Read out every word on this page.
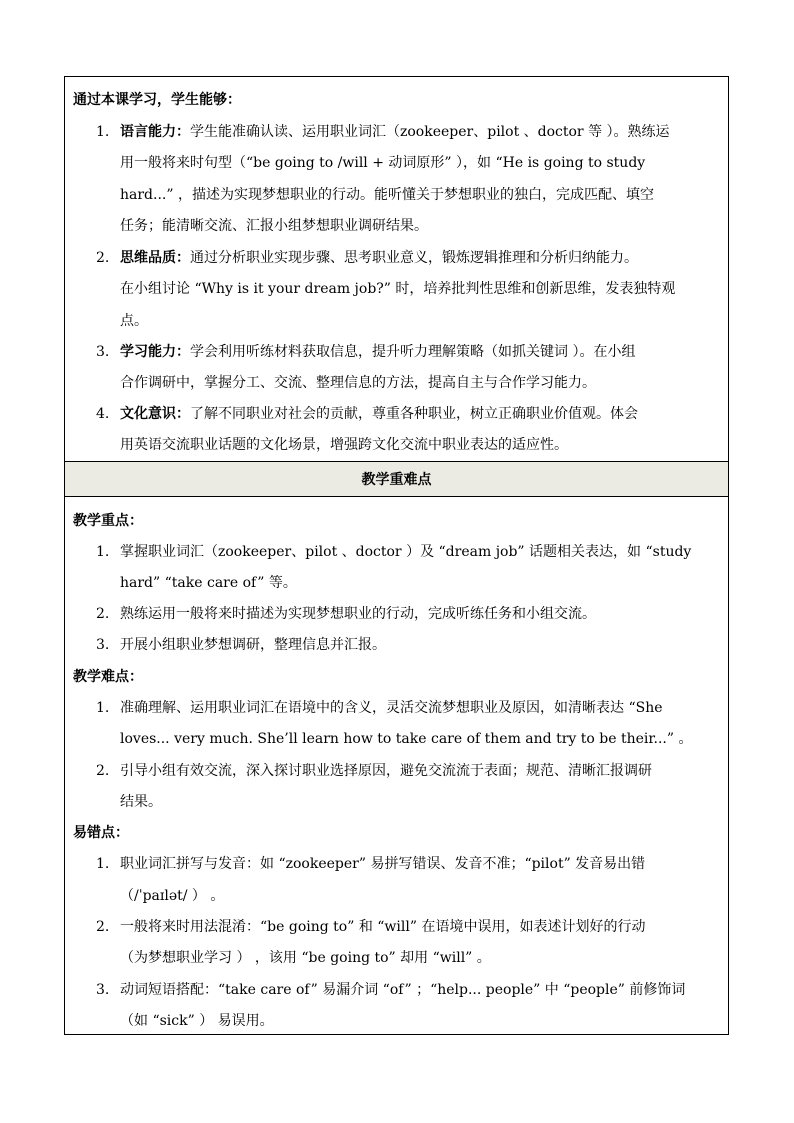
通过本课学习，学生能够：
1. 语言能力：学生能准确认读、运用职业词汇（zookeeper、pilot 、doctor 等 ）。熟练运
用一般将来时句型（“be going to /will + 动词原形” ），如 “He is going to study
hard...” ，描述为实现梦想职业的行动。能听懂关于梦想职业的独白，完成匹配、填空
任务；能清晰交流、汇报小组梦想职业调研结果。
2. 思维品质：通过分析职业实现步骤、思考职业意义，锻炼逻辑推理和分析归纳能力。
在小组讨论 “Why is it your dream job?” 时，培养批判性思维和创新思维，发表独特观
点。
3. 学习能力：学会利用听练材料获取信息，提升听力理解策略（如抓关键词 ）。在小组
合作调研中，掌握分工、交流、整理信息的方法，提高自主与合作学习能力。
4. 文化意识：了解不同职业对社会的贡献，尊重各种职业，树立正确职业价值观。体会
用英语交流职业话题的文化场景，增强跨文化交流中职业表达的适应性。
教学重难点
教学重点：
1. 掌握职业词汇（zookeeper、pilot 、doctor ）及 “dream job” 话题相关表达，如 “study
hard” “take care of” 等。
2. 熟练运用一般将来时描述为实现梦想职业的行动，完成听练任务和小组交流。
3. 开展小组职业梦想调研，整理信息并汇报。
教学难点：
1. 准确理解、运用职业词汇在语境中的含义，灵活交流梦想职业及原因，如清晰表达 “She
loves... very much. She’ll learn how to take care of them and try to be their...” 。
2. 引导小组有效交流，深入探讨职业选择原因，避免交流流于表面；规范、清晰汇报调研
结果。
易错点：
1. 职业词汇拼写与发音：如 “zookeeper” 易拼写错误、发音不准；“pilot” 发音易出错
（/ˈpaɪlət/ ） 。
2. 一般将来时用法混淆：“be going to” 和 “will” 在语境中误用，如表述计划好的行动
（为梦想职业学习 ） ，该用 “be going to” 却用 “will” 。
3. 动词短语搭配：“take care of” 易漏介词 “of” ；“help... people” 中 “people” 前修饰词
（如 “sick” ） 易误用。
